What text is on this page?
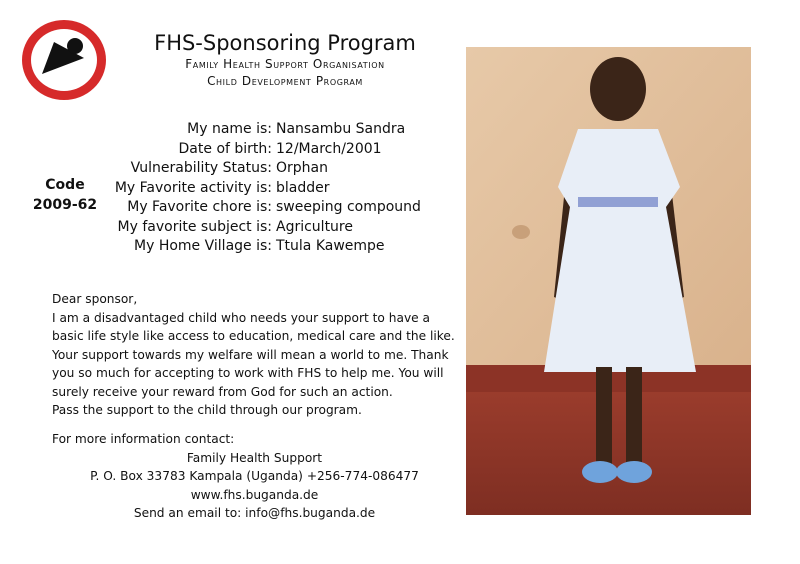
FHS-Sponsoring Program
Family Health Support Organisation
Child Development Program
Code
2009-62
My name is: Nansambu Sandra
Date of birth: 12/March/2001
Vulnerability Status: Orphan
My Favorite activity is: bladder
My Favorite chore is: sweeping compound
My favorite subject is: Agriculture
My Home Village is: Ttula Kawempe

Dear sponsor,

I am a disadvantaged child who needs your support to have a basic life style like access to education, medical care and the like. Your support towards my welfare will mean a world to me. Thank you so much for accepting to work with FHS to help me. You will surely receive your reward from God for such an action.

Pass the support to the child through our program.

For more information contact:
Family Health Support
P. O. Box 33783 Kampala (Uganda) +256-774-086477
www.fhs.buganda.de
Send an email to: info@fhs.buganda.de
